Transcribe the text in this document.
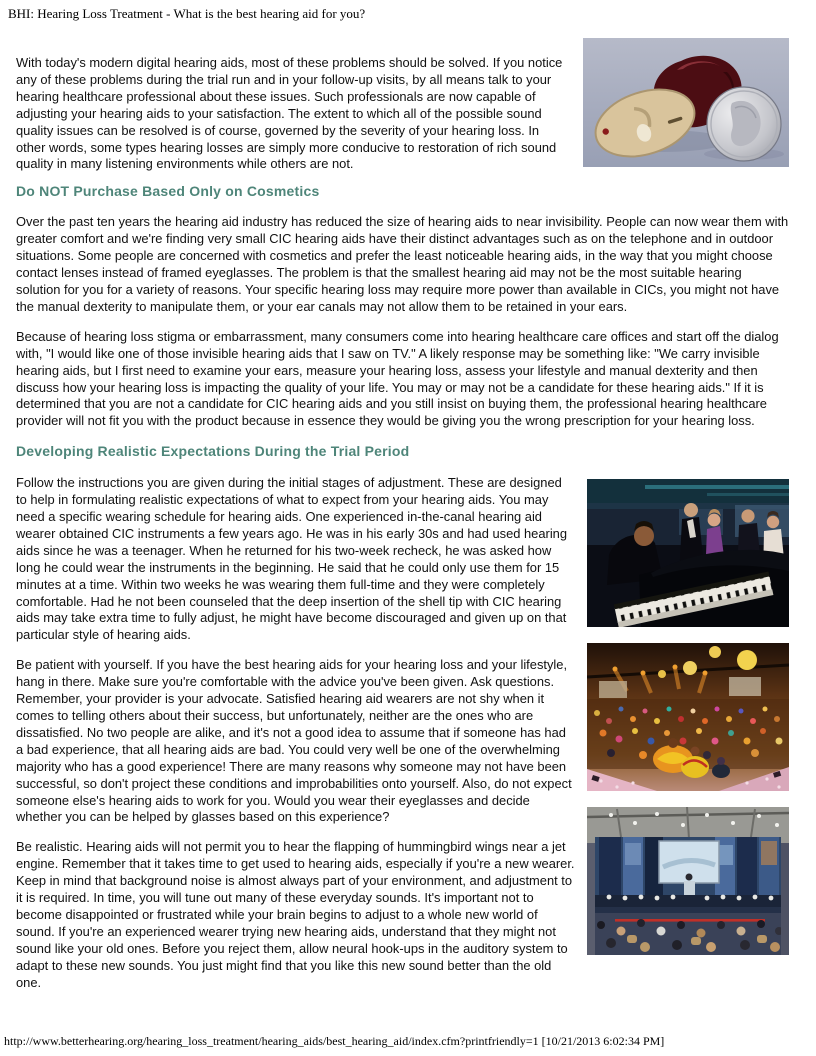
BHI: Hearing Loss Treatment - What is the best hearing aid for you?

With today's modern digital hearing aids, most of these problems should be solved. If you notice any of these problems during the trial run and in your follow-up visits, by all means talk to your hearing healthcare professional about these issues. Such professionals are now capable of adjusting your hearing aids to your satisfaction. The extent to which all of the possible sound quality issues can be resolved is of course, governed by the severity of your hearing loss. In other words, some types hearing losses are simply more conducive to restoration of rich sound quality in many listening environments while others are not.

Do NOT Purchase Based Only on Cosmetics

Over the past ten years the hearing aid industry has reduced the size of hearing aids to near invisibility. People can now wear them with greater comfort and we're finding very small CIC hearing aids have their distinct advantages such as on the telephone and in outdoor situations. Some people are concerned with cosmetics and prefer the least noticeable hearing aids, in the way that you might choose contact lenses instead of framed eyeglasses. The problem is that the smallest hearing aid may not be the most suitable hearing solution for you for a variety of reasons. Your specific hearing loss may require more power than available in CICs, you might not have the manual dexterity to manipulate them, or your ear canals may not allow them to be retained in your ears.

Because of hearing loss stigma or embarrassment, many consumers come into hearing healthcare care offices and start off the dialog with, "I would like one of those invisible hearing aids that I saw on TV." A likely response may be something like: "We carry invisible hearing aids, but I first need to examine your ears, measure your hearing loss, assess your lifestyle and manual dexterity and then discuss how your hearing loss is impacting the quality of your life. You may or may not be a candidate for these hearing aids." If it is determined that you are not a candidate for CIC hearing aids and you still insist on buying them, the professional hearing healthcare provider will not fit you with the product because in essence they would be giving you the wrong prescription for your hearing loss.

Developing Realistic Expectations During the Trial Period

Follow the instructions you are given during the initial stages of adjustment. These are designed to help in formulating realistic expectations of what to expect from your hearing aids. You may need a specific wearing schedule for hearing aids. One experienced in-the-canal hearing aid wearer obtained CIC instruments a few years ago. He was in his early 30s and had used hearing aids since he was a teenager. When he returned for his two-week recheck, he was asked how long he could wear the instruments in the beginning. He said that he could only use them for 15 minutes at a time. Within two weeks he was wearing them full-time and they were completely comfortable. Had he not been counseled that the deep insertion of the shell tip with CIC hearing aids may take extra time to fully adjust, he might have become discouraged and given up on that particular style of hearing aids.

Be patient with yourself. If you have the best hearing aids for your hearing loss and your lifestyle, hang in there. Make sure you're comfortable with the advice you've been given. Ask questions. Remember, your provider is your advocate. Satisfied hearing aid wearers are not shy when it comes to telling others about their success, but unfortunately, neither are the ones who are dissatisfied. No two people are alike, and it's not a good idea to assume that if someone has had a bad experience, that all hearing aids are bad. You could very well be one of the overwhelming majority who has a good experience! There are many reasons why someone may not have been successful, so don't project these conditions and improbabilities onto yourself. Also, do not expect someone else's hearing aids to work for you. Would you wear their eyeglasses and decide whether you can be helped by glasses based on this experience?

Be realistic. Hearing aids will not permit you to hear the flapping of hummingbird wings near a jet engine. Remember that it takes time to get used to hearing aids, especially if you're a new wearer. Keep in mind that background noise is almost always part of your environment, and adjustment to it is required. In time, you will tune out many of these everyday sounds. It's important not to become disappointed or frustrated while your brain begins to adjust to a whole new world of sound. If you're an experienced wearer trying new hearing aids, understand that they might not sound like your old ones. Before you reject them, allow neural hook-ups in the auditory system to adapt to these new sounds. You just might find that you like this new sound better than the old one.

http://www.betterhearing.org/hearing_loss_treatment/hearing_aids/best_hearing_aid/index.cfm?printfriendly=1 [10/21/2013 6:02:34 PM]
